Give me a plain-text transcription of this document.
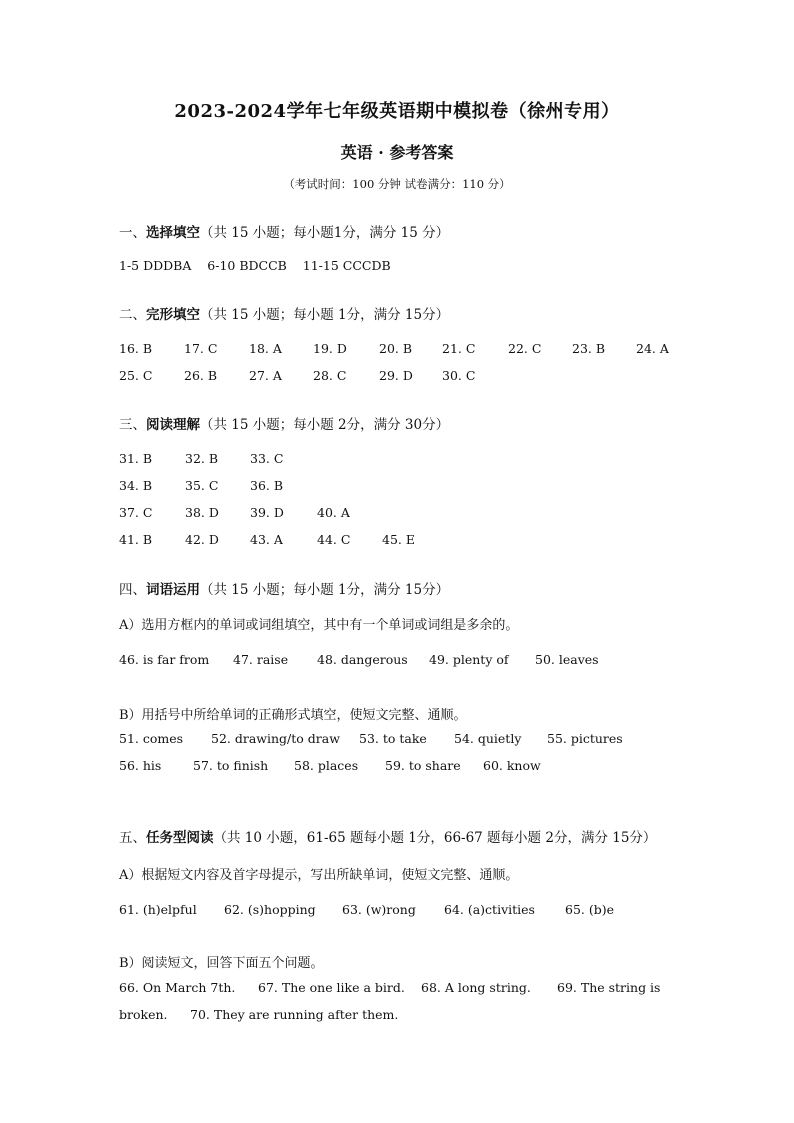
2023-2024学年七年级英语期中模拟卷（徐州专用）
英语 · 参考答案
（考试时间：100 分钟 试卷满分：110 分）
一、选择填空（共 15 小题；每小题1分，满分 15 分）
1-5 DDDBA    6-10 BDCCB    11-15 CCCDB
二、完形填空（共 15 小题；每小题 1分，满分 15分）
16. B	17. C	18. A 19. D	20. B 21. C	22. C 23. B 24. A
25. C	26. B	27. A 28. C	29. D 30. C
三、阅读理解（共 15 小题；每小题 2分，满分 30分）
31. B	32. B	33. C
34. B	35. C	36. B
37. C	38. D 39. D	40. A
41. B	42. D 43. A	44. C	45. E
四、词语运用（共 15 小题；每小题 1分，满分 15分）
A）选用方框内的单词或词组填空，其中有一个单词或词组是多余的。
46. is far from 47. raise 48. dangerous 49. plenty of 50. leaves
B）用括号中所给单词的正确形式填空，使短文完整、通顺。
51. comes 52. drawing/to draw 53. to take 54. quietly 55. pictures
56. his	57. to finish 58. places 59. to share 60. know
五、任务型阅读（共 10 小题，61-65 题每小题 1分，66-67 题每小题 2分，满分 15分）
A）根据短文内容及首字母提示，写出所缺单词，使短文完整、通顺。
61. (h)elpful 62. (s)hopping 63. (w)rong 64. (a)ctivities 65. (b)e
B）阅读短文，回答下面五个问题。
66. On March 7th. 67. The one like a bird. 68. A long string. 69. The string is
broken. 70. They are running after them.
